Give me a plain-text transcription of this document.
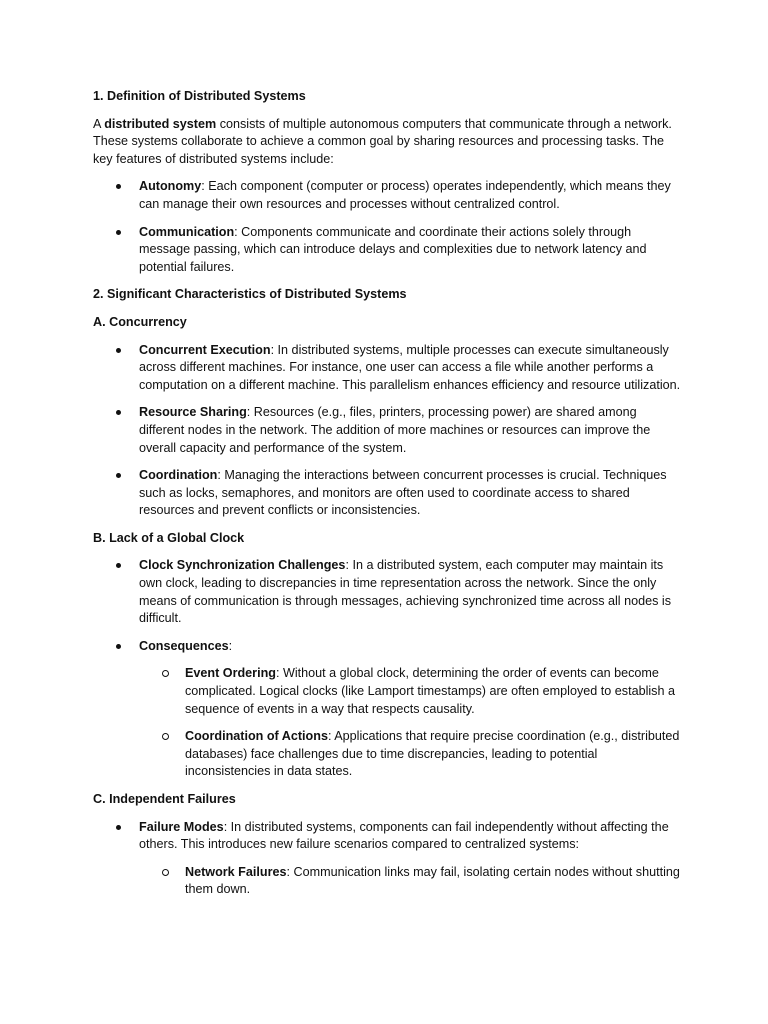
1. Definition of Distributed Systems

A distributed system consists of multiple autonomous computers that communicate through a network. These systems collaborate to achieve a common goal by sharing resources and processing tasks. The key features of distributed systems include:

Autonomy: Each component (computer or process) operates independently, which means they can manage their own resources and processes without centralized control.
Communication: Components communicate and coordinate their actions solely through message passing, which can introduce delays and complexities due to network latency and potential failures.
2. Significant Characteristics of Distributed Systems
A. Concurrency
Concurrent Execution: In distributed systems, multiple processes can execute simultaneously across different machines. For instance, one user can access a file while another performs a computation on a different machine. This parallelism enhances efficiency and resource utilization.
Resource Sharing: Resources (e.g., files, printers, processing power) are shared among different nodes in the network. The addition of more machines or resources can improve the overall capacity and performance of the system.
Coordination: Managing the interactions between concurrent processes is crucial. Techniques such as locks, semaphores, and monitors are often used to coordinate access to shared resources and prevent conflicts or inconsistencies.
B. Lack of a Global Clock
Clock Synchronization Challenges: In a distributed system, each computer may maintain its own clock, leading to discrepancies in time representation across the network. Since the only means of communication is through messages, achieving synchronized time across all nodes is difficult.
Consequences:
Event Ordering: Without a global clock, determining the order of events can become complicated. Logical clocks (like Lamport timestamps) are often employed to establish a sequence of events in a way that respects causality.
Coordination of Actions: Applications that require precise coordination (e.g., distributed databases) face challenges due to time discrepancies, leading to potential inconsistencies in data states.
C. Independent Failures
Failure Modes: In distributed systems, components can fail independently without affecting the others. This introduces new failure scenarios compared to centralized systems:
Network Failures: Communication links may fail, isolating certain nodes without shutting them down.
